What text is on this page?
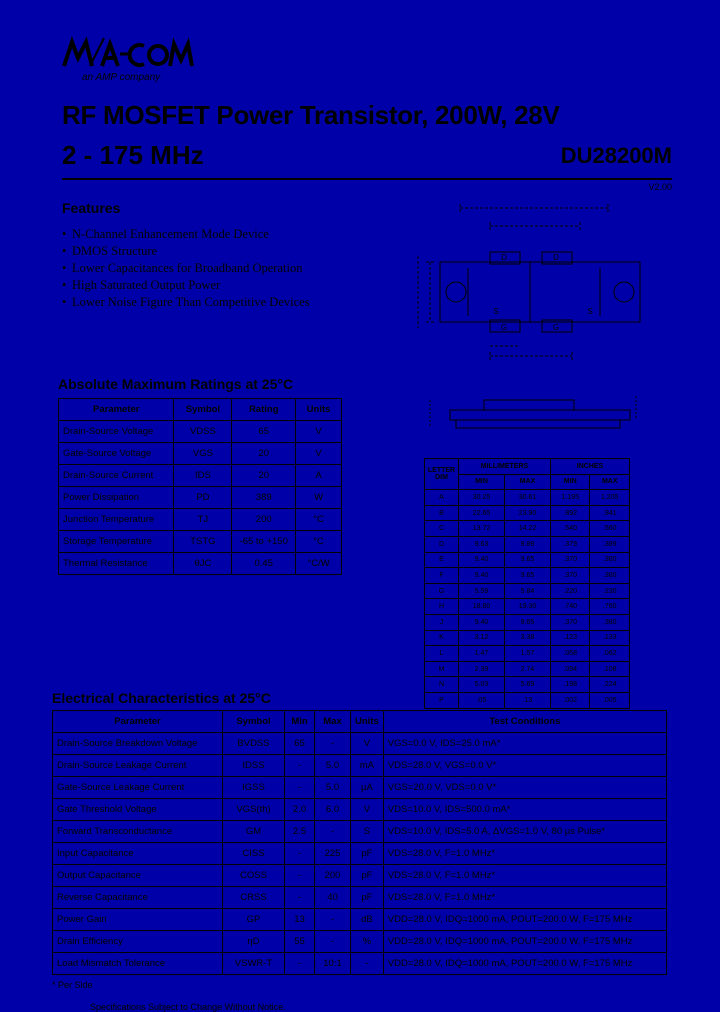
an AMP company
RF MOSFET Power Transistor, 200W, 28V
2 - 175 MHz	DU28200M
V2.00
Features
• N-Channel Enhancement Mode Device
• DMOS Structure
• Lower Capacitances for Broadband Operation
• High Saturated Output Power
• Lower Noise Figure Than Competitive Devices
D	D
S	S
G	G
Absolute Maximum Ratings at 25°C
Parameter	Symbol	Rating	Units
Drain-Source Voltage	VDSS	65	V
Gate-Source Voltage	VGS	20	V
Drain-Source Current	IDS	20	A
Power Dissipation	PD	389	W
Junction Temperature	TJ	200	°C
Storage Temperature	TSTG	-65 to +150	°C
Thermal Resistance	θJC	0.45	°C/W
LETTER DIM	MILLIMETERS		INCHES	
	MIN	MAX	MIN	MAX
A	30.25	30.61	1.195	1.205
B	22.65	23.90	.892	.941
C	13.72	14.22	.540	.560
D	9.63	9.89	.379	.389
E	9.40	9.65	.370	.380
F	9.40	9.65	.370	.380
G	5.59	5.84	.220	.230
H	18.80	19.30	.740	.760
J	9.40	9.65	.370	.380
K	3.12	3.38	.123	.133
L	1.47	1.57	.058	.062
M	2.39	2.74	.094	.108
N	5.03	5.69	.198	.224
P	.05	.13	.002	.005
Electrical Characteristics at 25°C
Parameter	Symbol	Min	Max	Units	Test Conditions
Drain-Source Breakdown Voltage	BVDSS	65	-	V	VGS=0.0 V, IDS=25.0 mA*
Drain-Source Leakage Current	IDSS	-	5.0	mA	VDS=28.0 V, VGS=0.0 V*
Gate-Source Leakage Current	IGSS	-	5.0	µA	VGS=20.0 V, VDS=0.0 V*
Gate Threshold Voltage	VGS(th)	2.0	6.0	V	VDS=10.0 V, IDS=500.0 mA*
Forward Transconductance	GM	2.5	-	S	VDS=10.0 V, IDS=5.0 A, ΔVGS=1.0 V, 80 µs Pulse*
Input Capacitance	CISS	-	225	pF	VDS=28.0 V, F=1.0 MHz*
Output Capacitance	COSS	-	200	pF	VDS=28.0 V, F=1.0 MHz*
Reverse Capacitance	CRSS	-	40	pF	VDS=28.0 V, F=1.0 MHz*
Power Gain	GP	13	-	dB	VDD=28.0 V, IDQ=1000 mA, POUT=200.0 W, F=175 MHz
Drain Efficiency	ηD	55	-	%	VDD=28.0 V, IDQ=1000 mA, POUT=200.0 W, F=175 MHz
Load Mismatch Tolerance	VSWR-T	-	10:1	-	VDD=28.0 V, IDQ=1000 mA, POUT=200.0 W, F=175 MHz
* Per Side
Specifications Subject to Change Without Notice.
